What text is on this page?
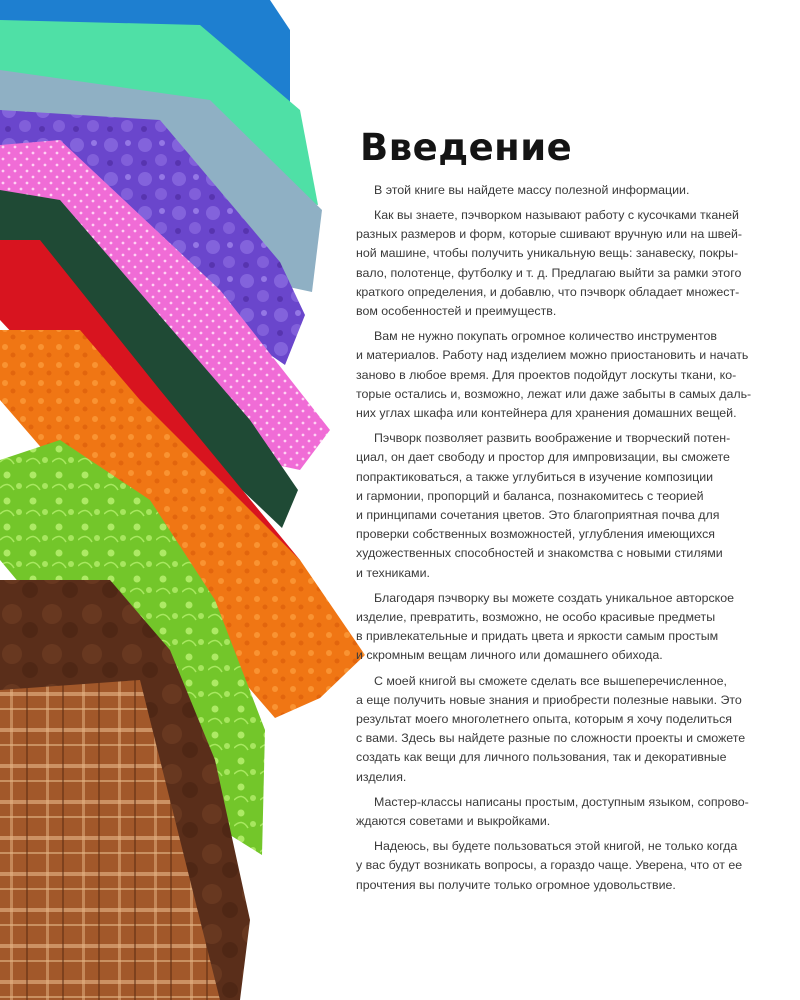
Введение

В этой книге вы найдете массу полезной информации.

Как вы знаете, пэчворком называют работу с кусочками тканей
разных размеров и форм, которые сшивают вручную или на швей-
ной машине, чтобы получить уникальную вещь: занавеску, покры-
вало, полотенце, футболку и т. д. Предлагаю выйти за рамки этого
краткого определения, и добавлю, что пэчворк обладает множест-
вом особенностей и преимуществ.

Вам не нужно покупать огромное количество инструментов
и материалов. Работу над изделием можно приостановить и начать
заново в любое время. Для проектов подойдут лоскуты ткани, ко-
торые остались и, возможно, лежат или даже забыты в самых даль-
них углах шкафа или контейнера для хранения домашних вещей.

Пэчворк позволяет развить воображение и творческий потен-
циал, он дает свободу и простор для импровизации, вы сможете
попрактиковаться, а также углубиться в изучение композиции
и гармонии, пропорций и баланса, познакомитесь с теорией
и принципами сочетания цветов. Это благоприятная почва для
проверки собственных возможностей, углубления имеющихся
художественных способностей и знакомства с новыми стилями
и техниками.

Благодаря пэчворку вы можете создать уникальное авторское
изделие, превратить, возможно, не особо красивые предметы
в привлекательные и придать цвета и яркости самым простым
и скромным вещам личного или домашнего обихода.

С моей книгой вы сможете сделать все вышеперечисленное,
а еще получить новые знания и приобрести полезные навыки. Это
результат моего многолетнего опыта, которым я хочу поделиться
с вами. Здесь вы найдете разные по сложности проекты и сможете
создать как вещи для личного пользования, так и декоративные
изделия.

Мастер-классы написаны простым, доступным языком, сопрово-
ждаются советами и выкройками.

Надеюсь, вы будете пользоваться этой книгой, не только когда
у вас будут возникать вопросы, а гораздо чаще. Уверена, что от ее
прочтения вы получите только огромное удовольствие.
